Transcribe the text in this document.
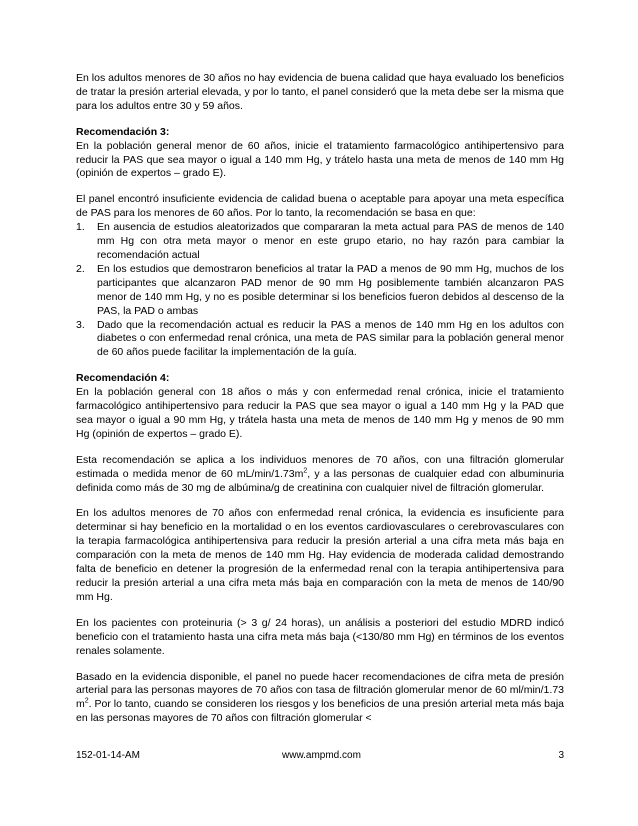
En los adultos menores de 30 años no hay evidencia de buena calidad que haya evaluado los beneficios de tratar la presión arterial elevada, y por lo tanto, el panel consideró que la meta debe ser la misma que para los adultos entre 30 y 59 años.

Recomendación 3:

En la población general menor de 60 años, inicie el tratamiento farmacológico antihipertensivo para reducir la PAS que sea mayor o igual a 140 mm Hg, y trátelo hasta una meta de menos de 140 mm Hg (opinión de expertos – grado E).

El panel encontró insuficiente evidencia de calidad buena o aceptable para apoyar una meta específica de PAS para los menores de 60 años. Por lo tanto, la recomendación se basa en que:

1. En ausencia de estudios aleatorizados que compararan la meta actual para PAS de menos de 140 mm Hg con otra meta mayor o menor en este grupo etario, no hay razón para cambiar la recomendación actual
2. En los estudios que demostraron beneficios al tratar la PAD a menos de 90 mm Hg, muchos de los participantes que alcanzaron PAD menor de 90 mm Hg posiblemente también alcanzaron PAS menor de 140 mm Hg, y no es posible determinar si los beneficios fueron debidos al descenso de la PAS, la PAD o ambas
3. Dado que la recomendación actual es reducir la PAS a menos de 140 mm Hg en los adultos con diabetes o con enfermedad renal crónica, una meta de PAS similar para la población general menor de 60 años puede facilitar la implementación de la guía.
Recomendación 4:

En la población general con 18 años o más y con enfermedad renal crónica, inicie el tratamiento farmacológico antihipertensivo para reducir la PAS que sea mayor o igual a 140 mm Hg y la PAD que sea mayor o igual a 90 mm Hg, y trátela hasta una meta de menos de 140 mm Hg y menos de 90 mm Hg (opinión de expertos – grado E).

Esta recomendación se aplica a los individuos menores de 70 años, con una filtración glomerular estimada o medida menor de 60 $mL/\min/1.73m^2$, y a las personas de cualquier edad con albuminuria definida como más de 30 mg de albúmina/g de creatinina con cualquier nivel de filtración glomerular.

En los adultos menores de 70 años con enfermedad renal crónica, la evidencia es insuficiente para determinar si hay beneficio en la mortalidad o en los eventos cardiovasculares o cerebrovasculares con la terapia farmacológica antihipertensiva para reducir la presión arterial a una cifra meta más baja en comparación con la meta de menos de 140 mm Hg. Hay evidencia de moderada calidad demostrando falta de beneficio en detener la progresión de la enfermedad renal con la terapia antihipertensiva para reducir la presión arterial a una cifra meta más baja en comparación con la meta de menos de 140/90 mm Hg.

En los pacientes con proteinuria (> 3 g/ 24 horas), un análisis a posteriori del estudio MDRD indicó beneficio con el tratamiento hasta una cifra meta más baja (<130/80 mm Hg) en términos de los eventos renales solamente.

Basado en la evidencia disponible, el panel no puede hacer recomendaciones de cifra meta de presión arterial para las personas mayores de 70 años con tasa de filtración glomerular menor de 60 ml/min/1.73 $m^2$. Por lo tanto, cuando se consideren los riesgos y los beneficios de una presión arterial meta más baja en las personas mayores de 70 años con filtración glomerular <

152-01-14-AM	www.ampmd.com	3
